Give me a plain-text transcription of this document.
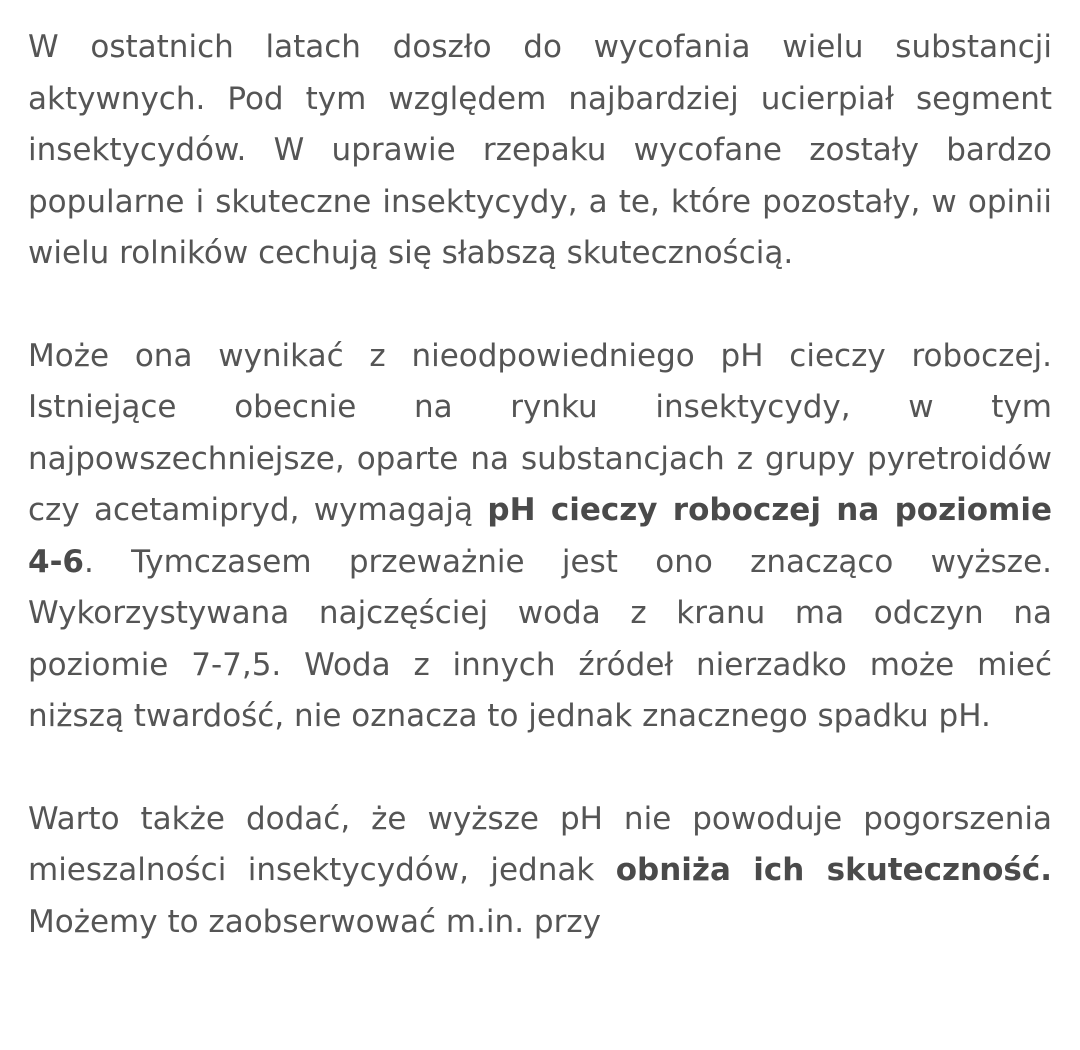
W ostatnich latach doszło do wycofania wielu substancji aktywnych. Pod tym względem najbardziej ucierpiał segment insektycydów. W uprawie rzepaku wycofane zostały bardzo popularne i skuteczne insektycydy, a te, które pozostały, w opinii wielu rolników cechują się słabszą skutecznością.

Może ona wynikać z nieodpowiedniego pH cieczy roboczej. Istniejące obecnie na rynku insektycydy, w tym najpowszechniejsze, oparte na substancjach z grupy pyretroidów czy acetamipryd, wymagają pH cieczy roboczej na poziomie 4-6. Tymczasem przeważnie jest ono znacząco wyższe. Wykorzystywana najczęściej woda z kranu ma odczyn na poziomie 7-7,5. Woda z innych źródeł nierzadko może mieć niższą twardość, nie oznacza to jednak znacznego spadku pH.

Warto także dodać, że wyższe pH nie powoduje pogorszenia mieszalności insektycydów, jednak obniża ich skuteczność. Możemy to zaobserwować m.in. przy
